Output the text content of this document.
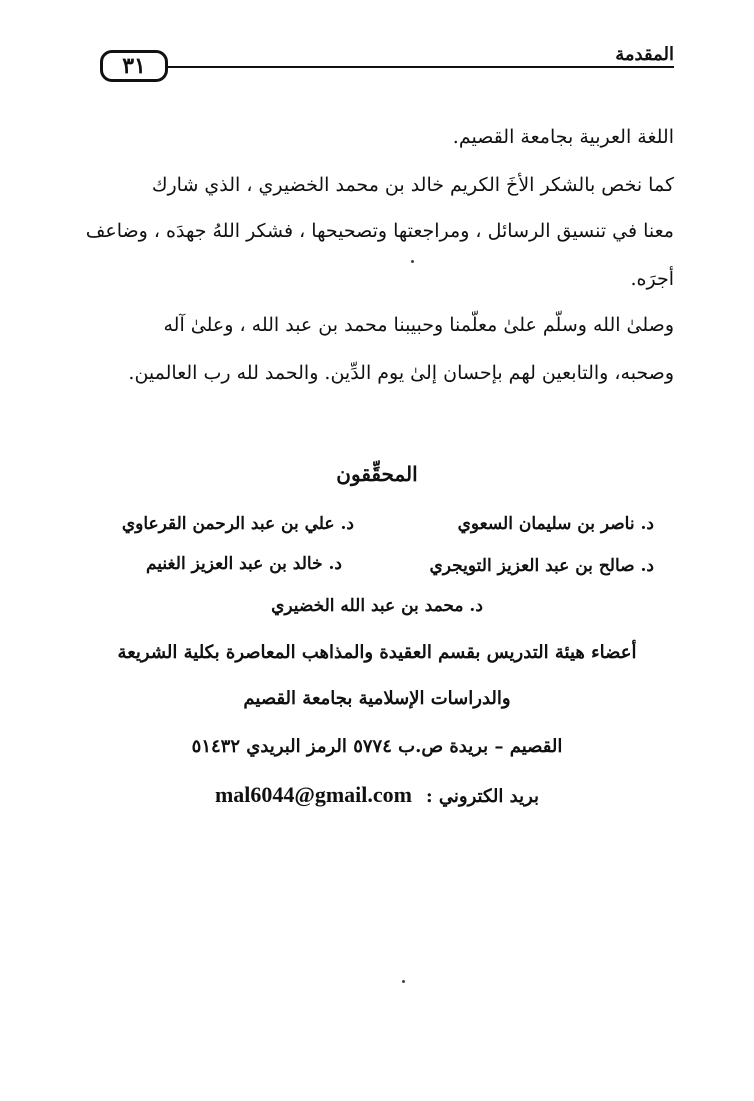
٣١	المقدمة
اللغة العربية بجامعة القصيم.
كما نخص بالشكر الأخَ الكريم خالد بن محمد الخضيري ، الذي شارك
معنا في تنسيق الرسائل ، ومراجعتها وتصحيحها ، فشكر اللهُ جهدَه ، وضاعف
أجرَه.
وصلىٰ الله وسلّم علىٰ معلّمنا وحبيبنا محمد بن عبد الله ، وعلىٰ آله
وصحبه، والتابعين لهم بإحسان إلىٰ يوم الدِّين. والحمد لله رب العالمين.
المحقِّقون
د. ناصر بن سليمان السعوي
د. علي بن عبد الرحمن القرعاوي
د. صالح بن عبد العزيز التويجري
د. خالد بن عبد العزيز الغنيم
د. محمد بن عبد الله الخضيري
أعضاء هيئة التدريس بقسم العقيدة والمذاهب المعاصرة بكلية الشريعة
والدراسات الإسلامية بجامعة القصيم
القصيم – بريدة ص.ب ٥٧٧٤ الرمز البريدي ٥١٤٣٢
بريد الكتروني :
mal6044@gmail.com
